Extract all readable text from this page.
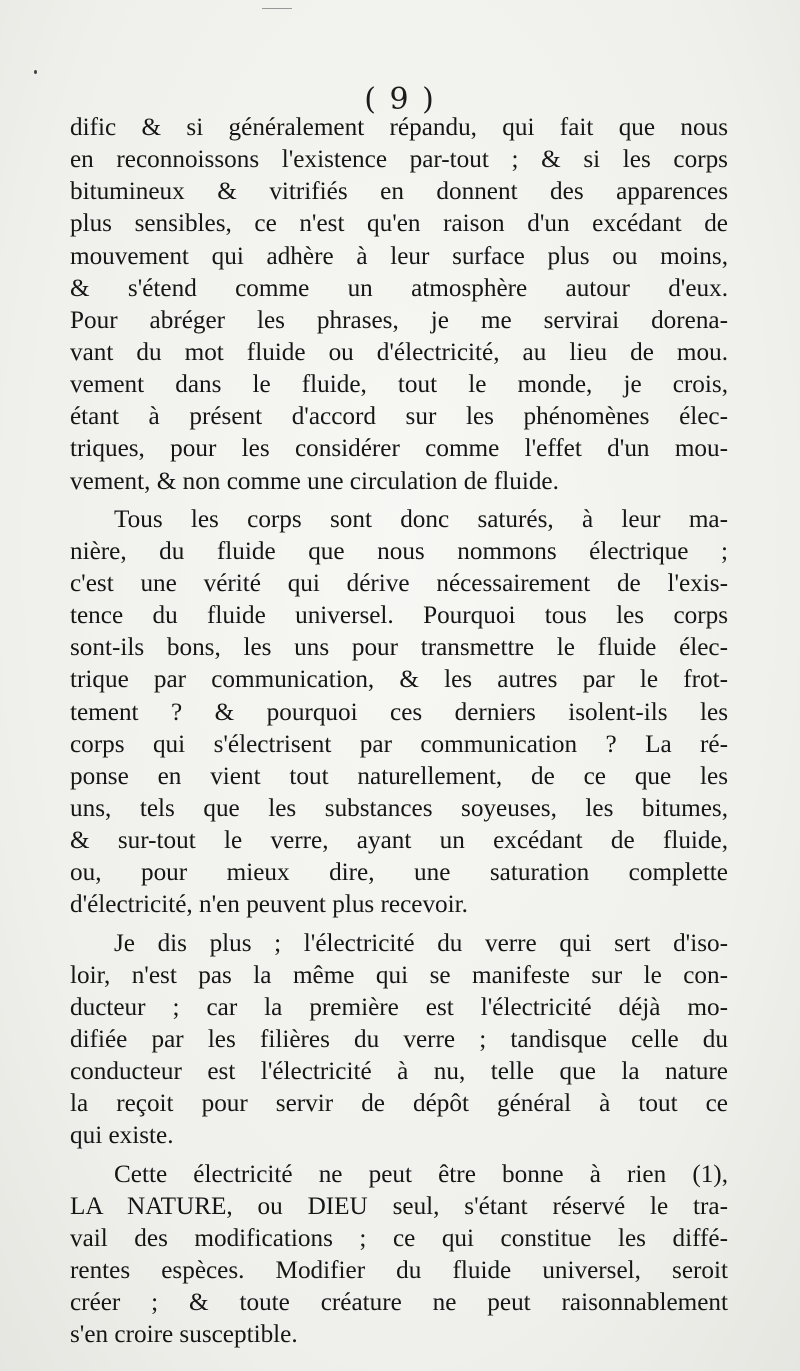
( 9 )
dific & si généralement répandu, qui fait que nous
en reconnoissons l'existence par-tout ; & si les corps
bitumineux & vitrifiés en donnent des apparences
plus sensibles, ce n'est qu'en raison d'un excédant de
mouvement qui adhère à leur surface plus ou moins,
& s'étend comme un atmosphère autour d'eux.
Pour abréger les phrases, je me servirai dorena-
vant du mot fluide ou d'électricité, au lieu de mou.
vement dans le fluide, tout le monde, je crois,
étant à présent d'accord sur les phénomènes élec-
triques, pour les considérer comme l'effet d'un mou-
vement, & non comme une circulation de fluide.
Tous les corps sont donc saturés, à leur ma-
nière, du fluide que nous nommons électrique ;
c'est une vérité qui dérive nécessairement de l'exis-
tence du fluide universel. Pourquoi tous les corps
sont-ils bons, les uns pour transmettre le fluide élec-
trique par communication, & les autres par le frot-
tement ? & pourquoi ces derniers isolent-ils les
corps qui s'électrisent par communication ? La ré-
ponse en vient tout naturellement, de ce que les
uns, tels que les substances soyeuses, les bitumes,
& sur-tout le verre, ayant un excédant de fluide,
ou, pour mieux dire, une saturation complette
d'électricité, n'en peuvent plus recevoir.
Je dis plus ; l'électricité du verre qui sert d'iso-
loir, n'est pas la même qui se manifeste sur le con-
ducteur ; car la première est l'électricité déjà mo-
difiée par les filières du verre ; tandisque celle du
conducteur est l'électricité à nu, telle que la nature
la reçoit pour servir de dépôt général à tout ce
qui existe.
Cette électricité ne peut être bonne à rien (1),
LA NATURE, ou DIEU seul, s'étant réservé le tra-
vail des modifications ; ce qui constitue les diffé-
rentes espèces. Modifier du fluide universel, seroit
créer ; & toute créature ne peut raisonnablement
s'en croire susceptible.
